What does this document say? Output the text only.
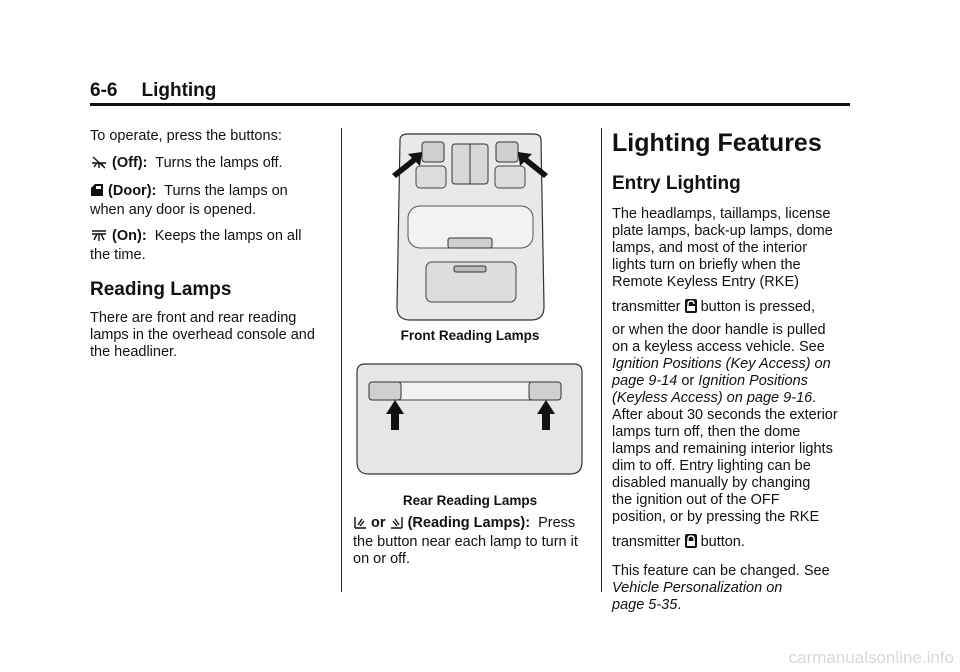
6-6 Lighting

To operate, press the buttons:

(Off): Turns the lamps off.

(Door): Turns the lamps on
when any door is opened.

(On): Keeps the lamps on all
the time.

Reading Lamps

There are front and rear reading
lamps in the overhead console and
the headliner.

Front Reading Lamps
Rear Reading Lamps
or (Reading Lamps): Press
the button near each lamp to turn it
on or off.

Lighting Features

Entry Lighting

The headlamps, taillamps, license
plate lamps, back-up lamps, dome
lamps, and most of the interior
lights turn on briefly when the
Remote Keyless Entry (RKE)

transmitter button is pressed,

or when the door handle is pulled
on a keyless access vehicle. See
Ignition Positions (Key Access) on
page 9-14 or Ignition Positions
(Keyless Access) on page 9-16.
After about 30 seconds the exterior
lamps turn off, then the dome
lamps and remaining interior lights
dim to off. Entry lighting can be
disabled manually by changing
the ignition out of the OFF
position, or by pressing the RKE

transmitter button.

This feature can be changed. See
Vehicle Personalization on
page 5-35.

carmanualsonline.info
